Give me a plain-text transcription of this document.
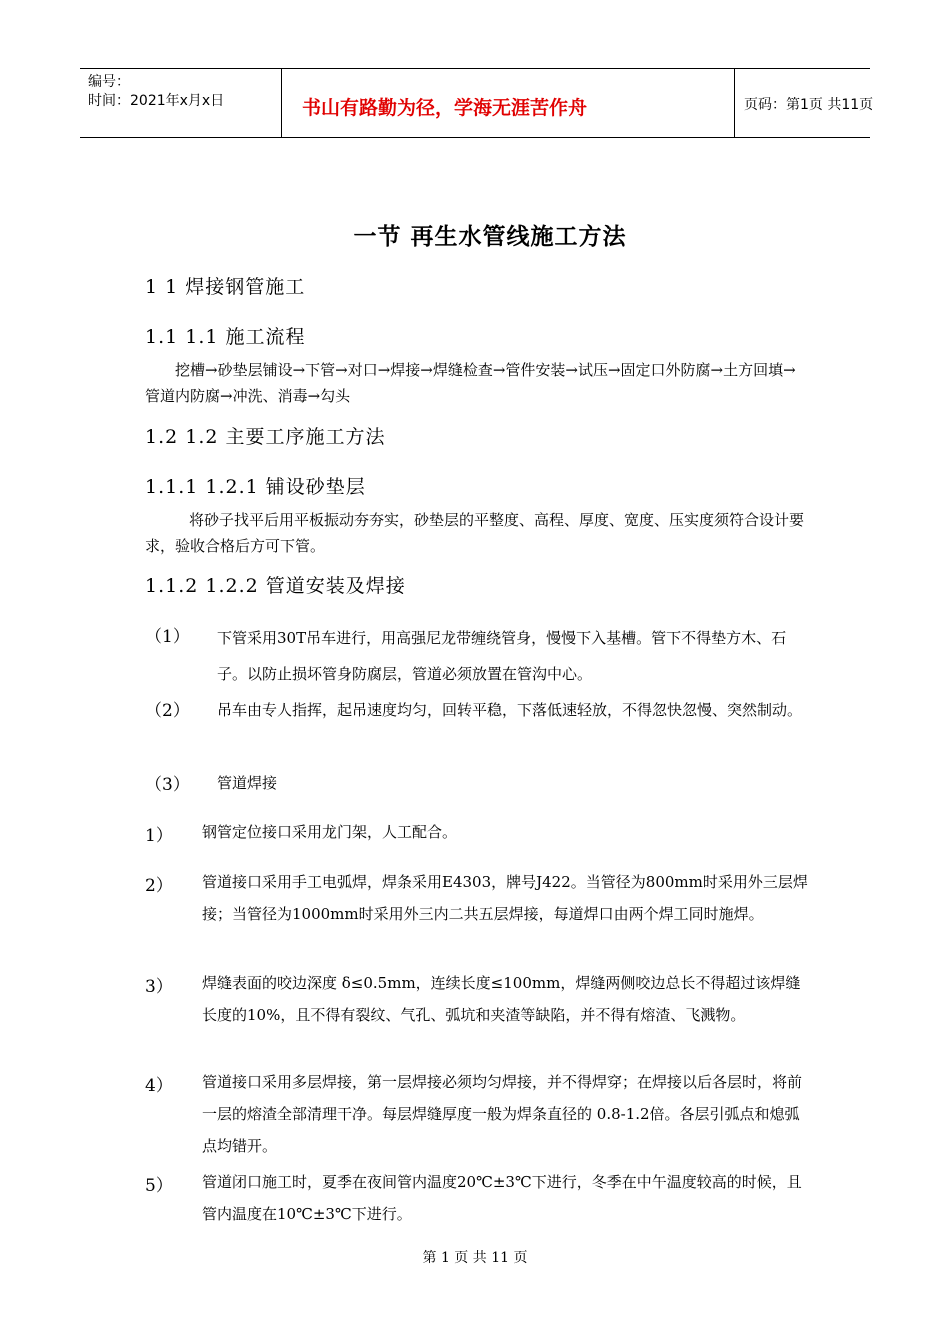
编号：
时间：2021年x月x日	书山有路勤为径，学海无涯苦作舟	页码：第1页 共11页
一节 再生水管线施工方法
1 1 焊接钢管施工
1.1 1.1 施工流程
挖槽→砂垫层铺设→下管→对口→焊接→焊缝检查→管件安装→试压→固定口外防腐→土方回填→管道内防腐→冲洗、消毒→勾头
1.2 1.2 主要工序施工方法
1.1.1 1.2.1 铺设砂垫层
将砂子找平后用平板振动夯夯实，砂垫层的平整度、高程、厚度、宽度、压实度须符合设计要求，验收合格后方可下管。
1.1.2 1.2.2 管道安装及焊接
（1） 下管采用30T吊车进行，用高强尼龙带缠绕管身，慢慢下入基槽。管下不得垫方木、石子。以防止损坏管身防腐层，管道必须放置在管沟中心。
（2） 吊车由专人指挥，起吊速度均匀，回转平稳，下落低速轻放，不得忽快忽慢、突然制动。
（3） 管道焊接
1） 钢管定位接口采用龙门架，人工配合。
2） 管道接口采用手工电弧焊，焊条采用E4303，牌号J422。当管径为800mm时采用外三层焊接；当管径为1000mm时采用外三内二共五层焊接，每道焊口由两个焊工同时施焊。
3） 焊缝表面的咬边深度 δ≤0.5mm，连续长度≤100mm，焊缝两侧咬边总长不得超过该焊缝长度的10%，且不得有裂纹、气孔、弧坑和夹渣等缺陷，并不得有熔渣、飞溅物。
4） 管道接口采用多层焊接，第一层焊接必须均匀焊接，并不得焊穿；在焊接以后各层时，将前一层的熔渣全部清理干净。每层焊缝厚度一般为焊条直径的 0.8-1.2倍。各层引弧点和熄弧点均错开。
5） 管道闭口施工时，夏季在夜间管内温度20℃±3℃下进行，冬季在中午温度较高的时候，且管内温度在10℃±3℃下进行。
第 1 页 共 11 页
